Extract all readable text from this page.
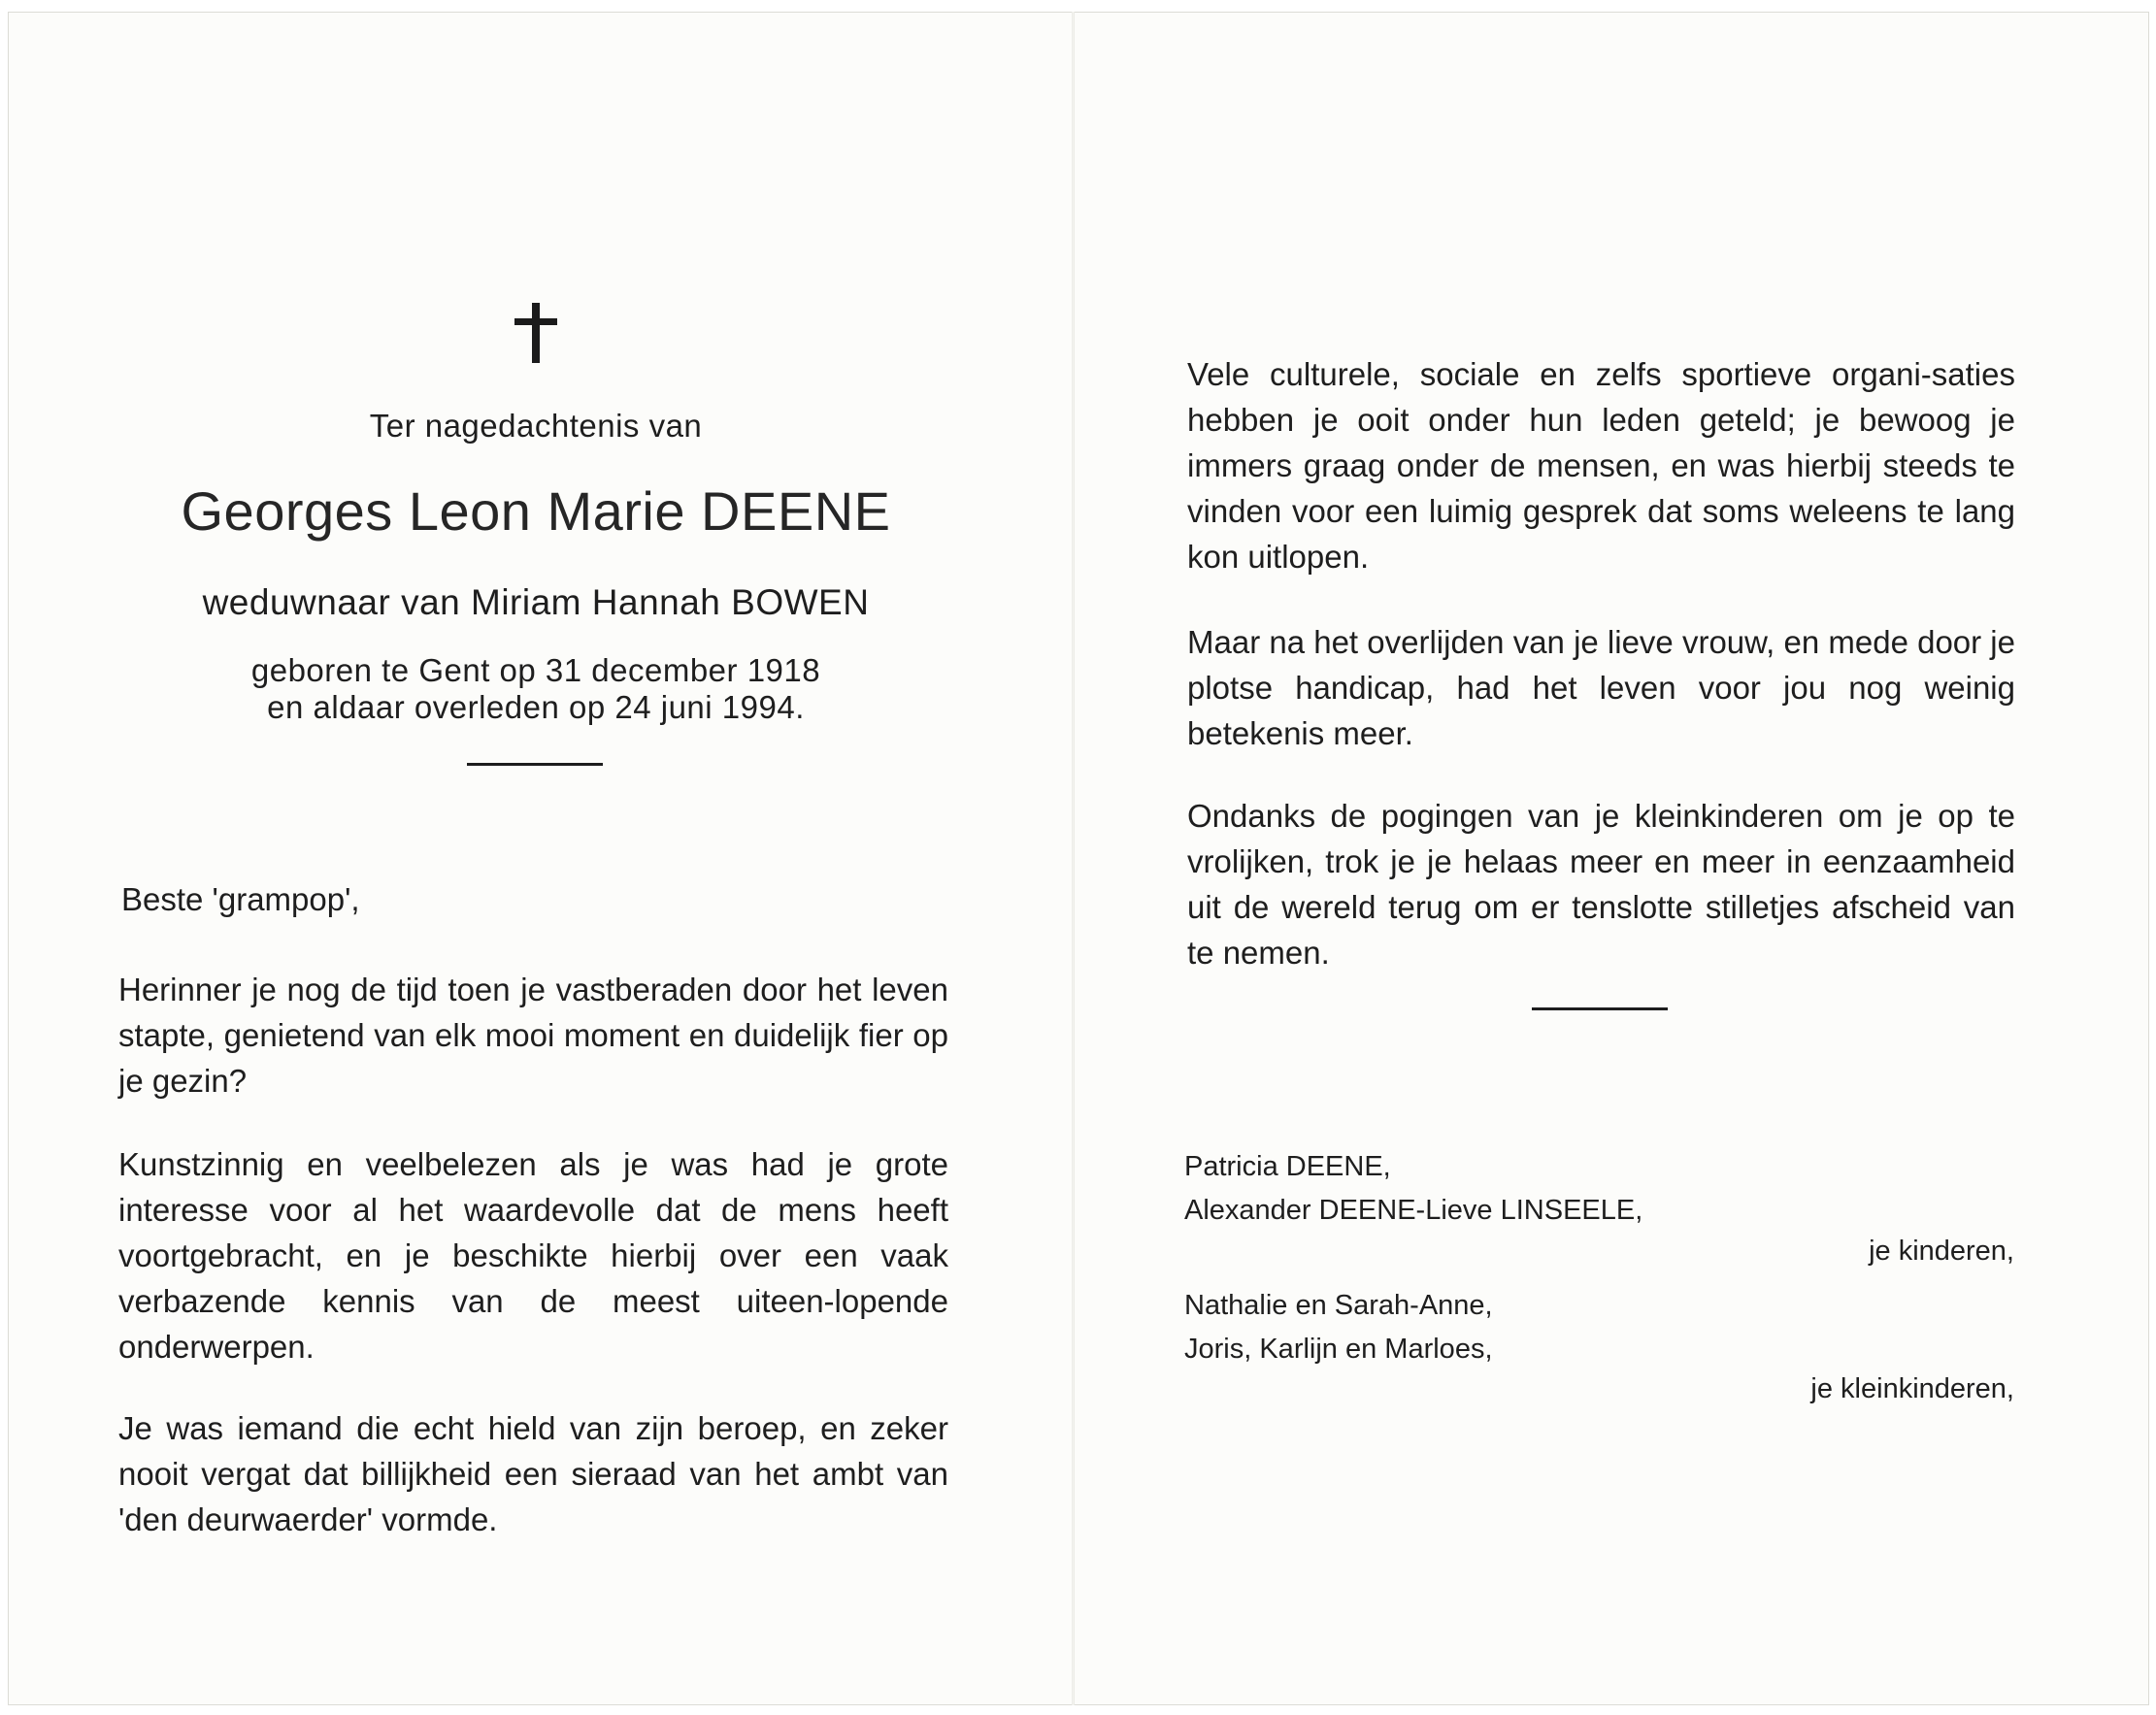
Ter nagedachtenis van

Georges Leon Marie DEENE

weduwnaar van Miriam Hannah BOWEN

geboren te Gent op 31 december 1918
en aldaar overleden op 24 juni 1994.

Beste 'grampop',

Herinner je nog de tijd toen je vastberaden door het leven stapte, genietend van elk mooi moment en duidelijk fier op je gezin?

Kunstzinnig en veelbelezen als je was had je grote interesse voor al het waardevolle dat de mens heeft voortgebracht, en je beschikte hierbij over een vaak verbazende kennis van de meest uiteen-lopende onderwerpen.

Je was iemand die echt hield van zijn beroep, en zeker nooit vergat dat billijkheid een sieraad van het ambt van 'den deurwaerder' vormde.

Vele culturele, sociale en zelfs sportieve organi-saties hebben je ooit onder hun leden geteld; je bewoog je immers graag onder de mensen, en was hierbij steeds te vinden voor een luimig gesprek dat soms weleens te lang kon uitlopen.

Maar na het overlijden van je lieve vrouw, en mede door je plotse handicap, had het leven voor jou nog weinig betekenis meer.

Ondanks de pogingen van je kleinkinderen om je op te vrolijken, trok je je helaas meer en meer in eenzaamheid uit de wereld terug om er tenslotte stilletjes afscheid van te nemen.

Patricia DEENE,
Alexander DEENE-Lieve LINSEELE,

je kinderen,

Nathalie en Sarah-Anne,
Joris, Karlijn en Marloes,

je kleinkinderen,
